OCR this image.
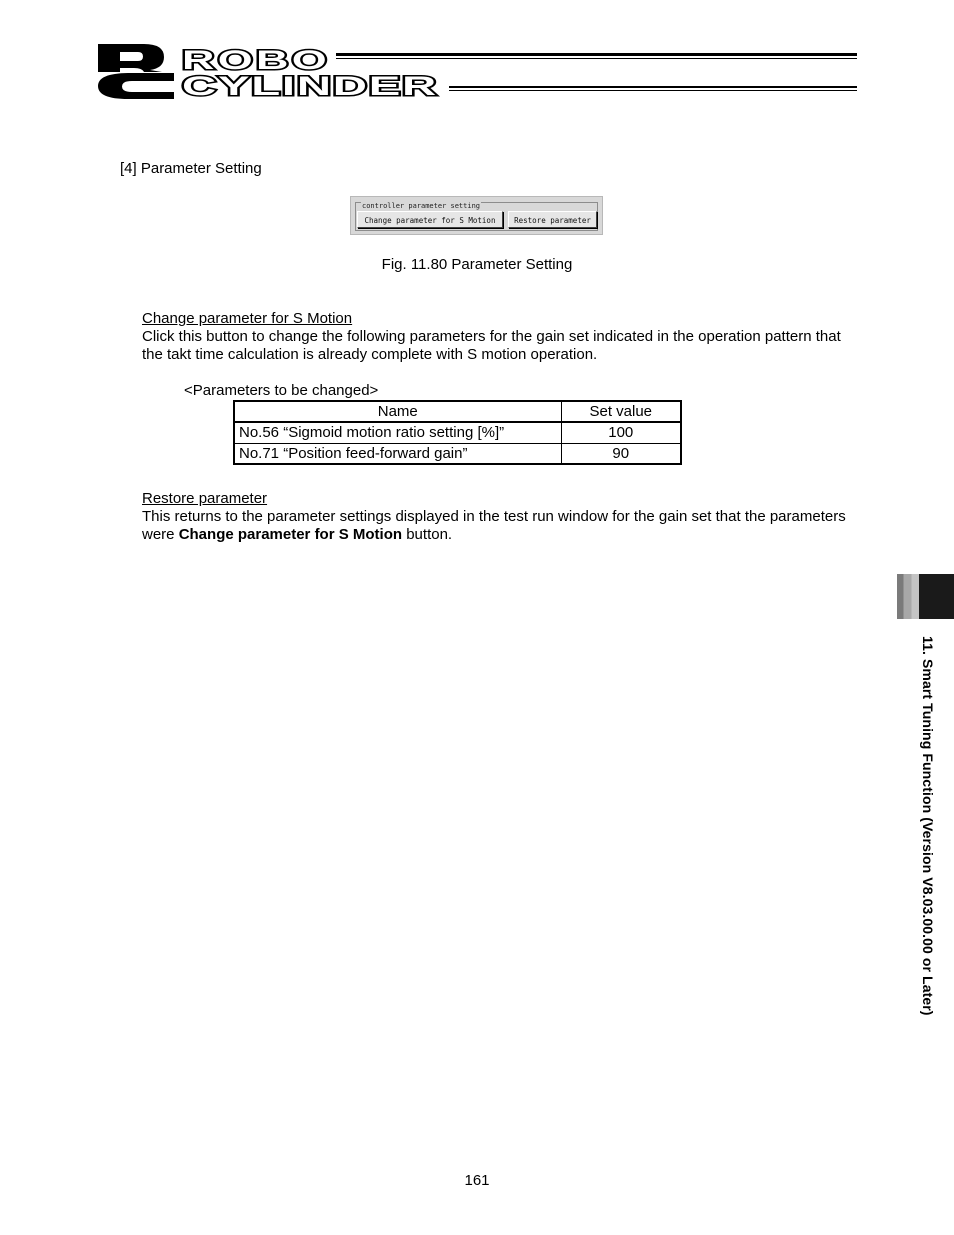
ROBO
CYLINDER
[4] Parameter Setting
controller parameter setting
Change parameter for S Motion	Restore parameter
Fig. 11.80 Parameter Setting
Change parameter for S Motion
Click this button to change the following parameters for the gain set indicated in the operation pattern that the takt time calculation is already complete with S motion operation.
<Parameters to be changed>
Name	Set value
No.56 “Sigmoid motion ratio setting [%]”	100
No.71 “Position feed-forward gain”	90
Restore parameter
This returns to the parameter settings displayed in the test run window for the gain set that the parameters were Change parameter for S Motion button.
11. Smart Tuning Function (Version V8.03.00.00 or Later)
161
